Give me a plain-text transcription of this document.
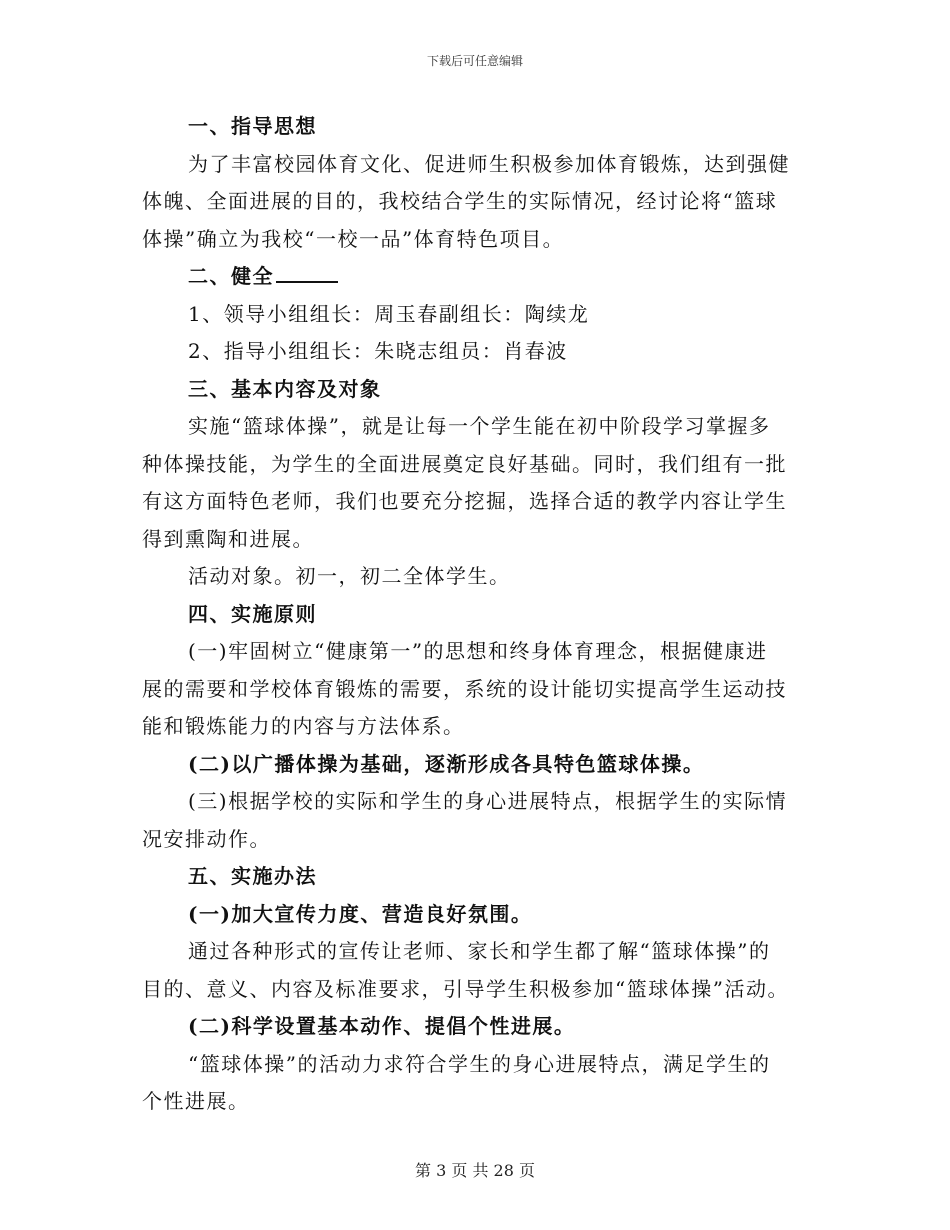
下载后可任意编辑
一、指导思想
为了丰富校园体育文化、促进师生积极参加体育锻炼，达到强健
体魄、全面进展的目的，我校结合学生的实际情况，经讨论将“篮球
体操”确立为我校“一校一品”体育特色项目。
二、健全
1、领导小组组长：周玉春副组长：陶续龙
2、指导小组组长：朱晓志组员：肖春波
三、基本内容及对象
实施“篮球体操”，就是让每一个学生能在初中阶段学习掌握多
种体操技能，为学生的全面进展奠定良好基础。同时，我们组有一批
有这方面特色老师，我们也要充分挖掘，选择合适的教学内容让学生
得到熏陶和进展。
活动对象。初一，初二全体学生。
四、实施原则
(一)牢固树立“健康第一”的思想和终身体育理念，根据健康进
展的需要和学校体育锻炼的需要，系统的设计能切实提高学生运动技
能和锻炼能力的内容与方法体系。
(二)以广播体操为基础，逐渐形成各具特色篮球体操。
(三)根据学校的实际和学生的身心进展特点，根据学生的实际情
况安排动作。
五、实施办法
(一)加大宣传力度、营造良好氛围。
通过各种形式的宣传让老师、家长和学生都了解“篮球体操”的
目的、意义、内容及标准要求，引导学生积极参加“篮球体操”活动。
(二)科学设置基本动作、提倡个性进展。
“篮球体操”的活动力求符合学生的身心进展特点，满足学生的
个性进展。
第 3 页 共 28 页
